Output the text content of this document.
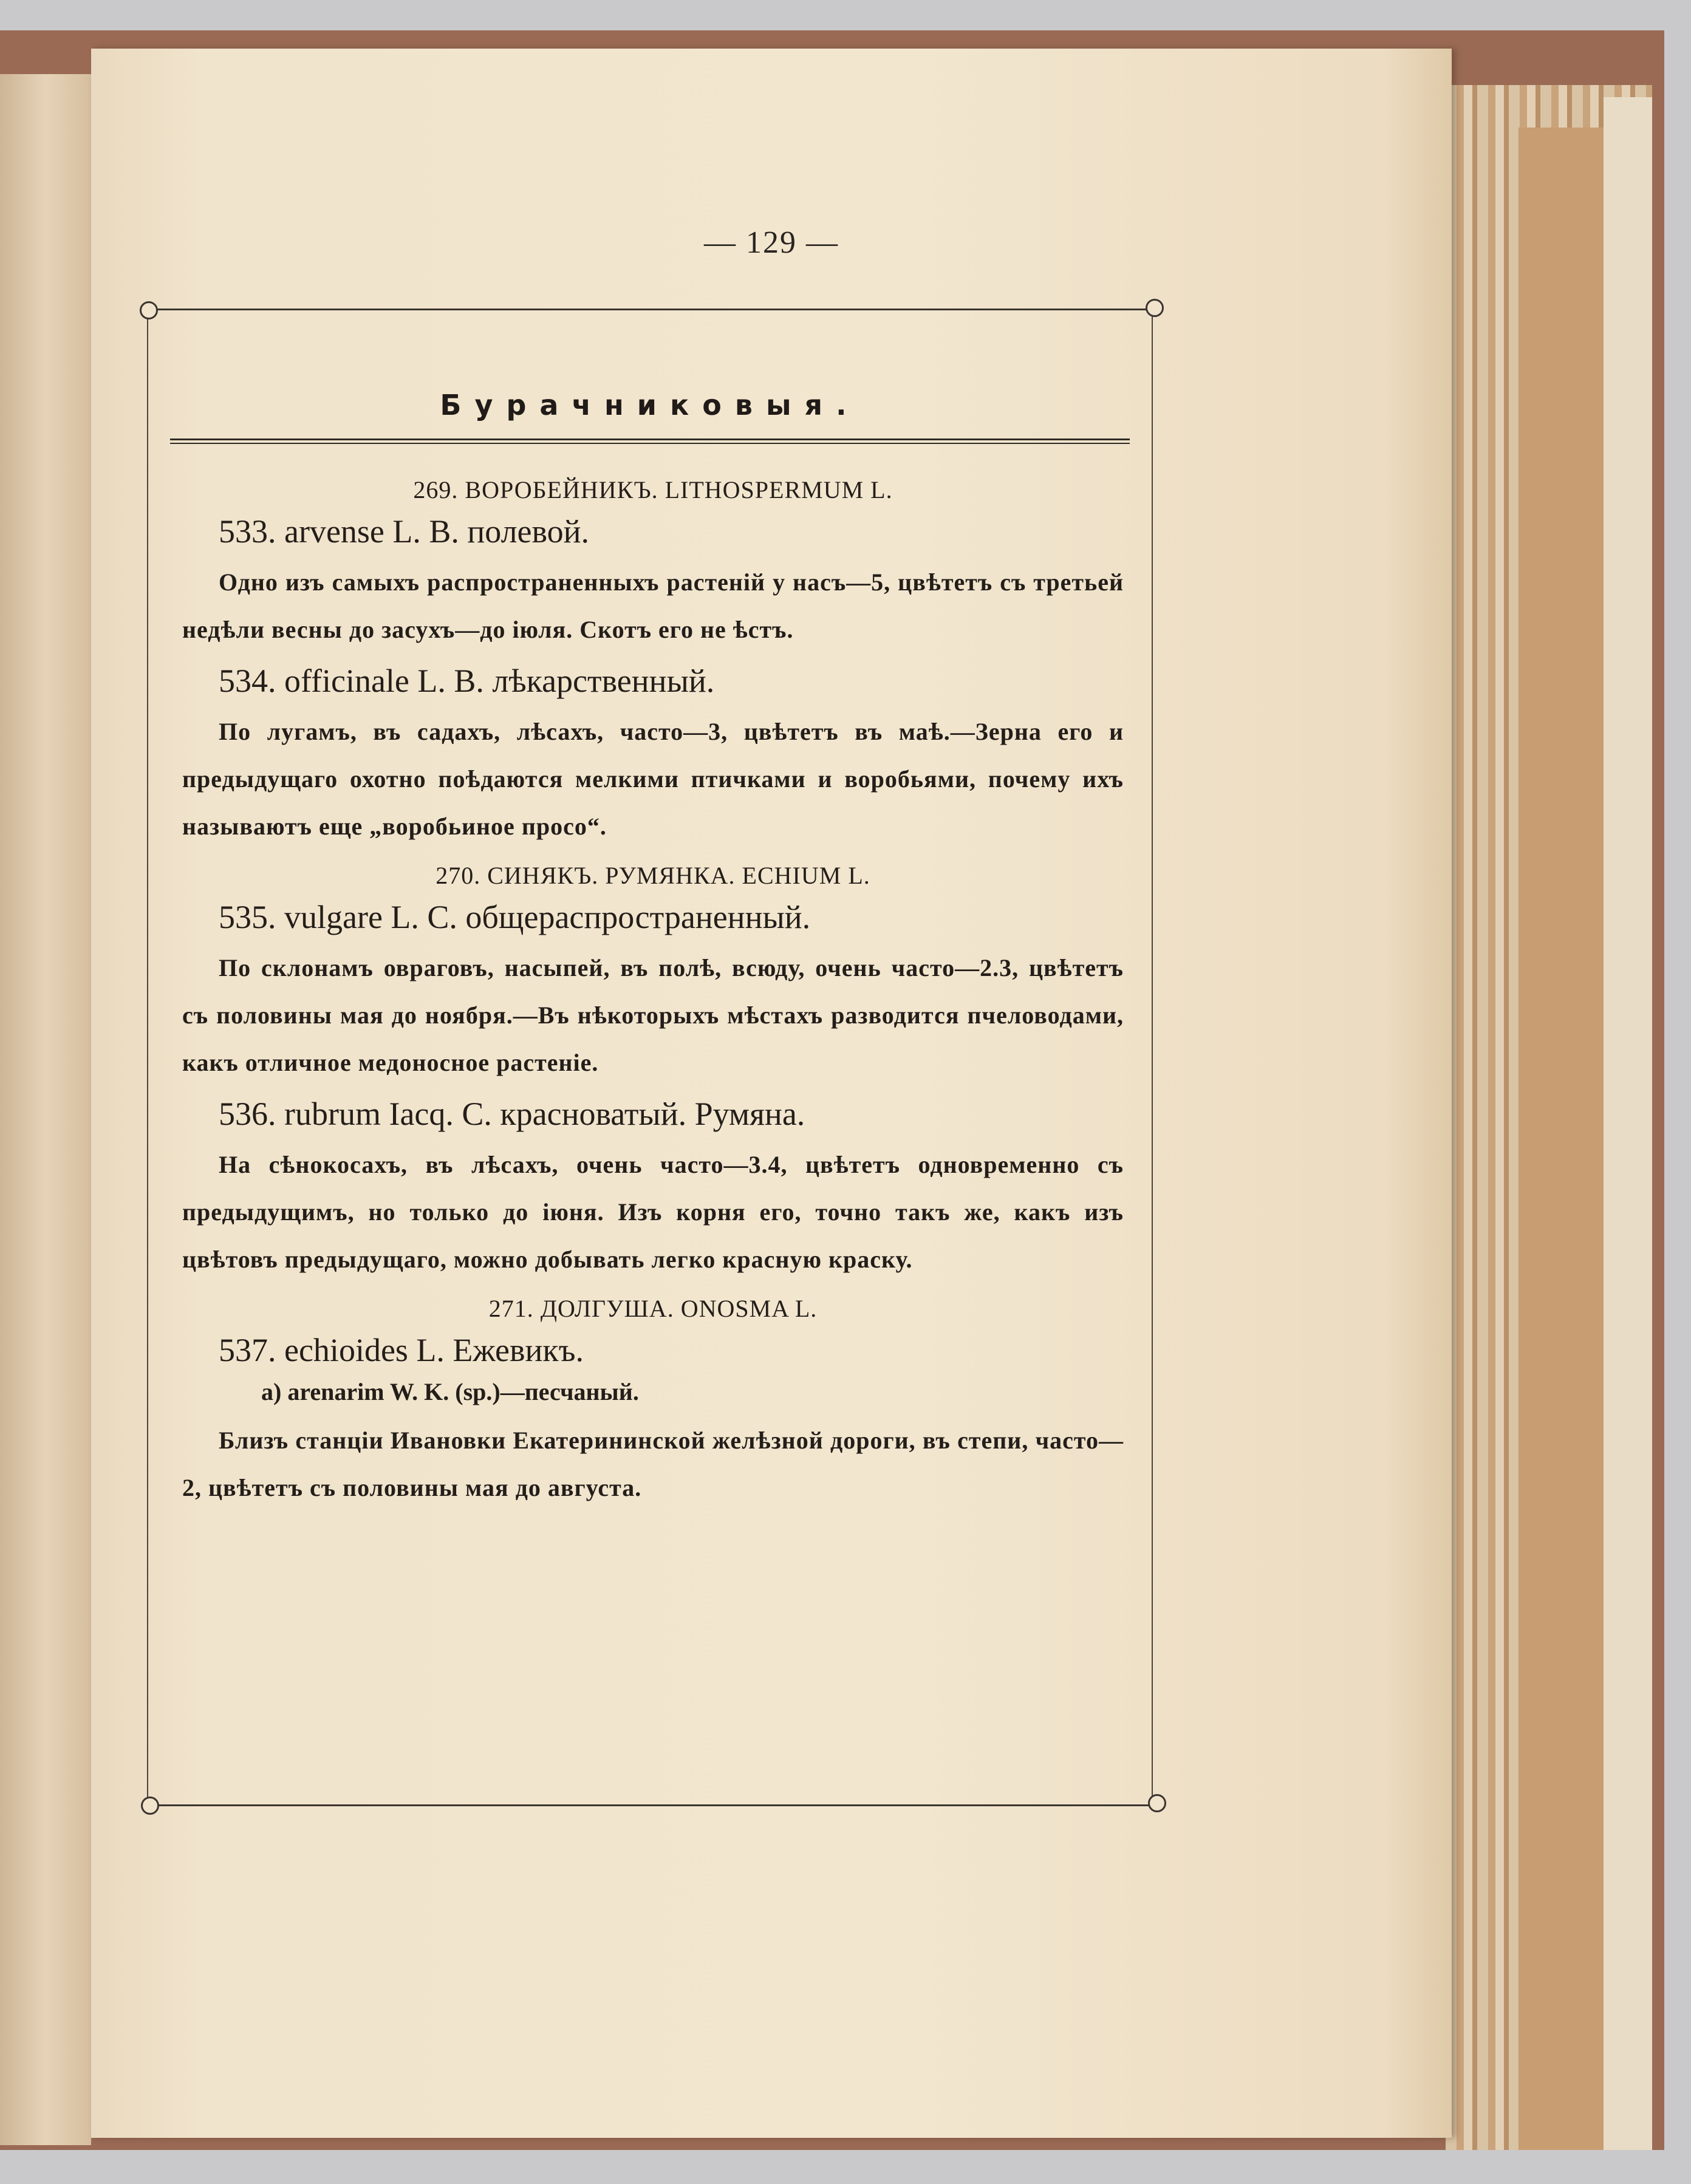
— 129 —
Бурачниковыя.
269. ВОРОБЕЙНИКЪ. LITHOSPERMUM L.
533. arvense L. В. полевой.
Одно изъ самыхъ распространенныхъ растеній у насъ—5, цвѣтетъ съ третьей недѣли весны до засухъ—до іюля. Скотъ его не ѣстъ.
534. officinale L. В. лѣкарственный.
По лугамъ, въ садахъ, лѣсахъ, часто—3, цвѣтетъ въ маѣ.—Зерна его и предыдущаго охотно поѣдаются мелкими птичками и воробьями, почему ихъ называютъ еще „воробьиное просо“.
270. СИНЯКЪ. РУМЯНКА. ECHIUM L.
535. vulgare L. С. общераспространенный.
По склонамъ овраговъ, насыпей, въ полѣ, всюду, очень часто—2.3, цвѣтетъ съ половины мая до ноября.—Въ нѣкоторыхъ мѣстахъ разводится пчеловодами, какъ отличное медоносное растеніе.
536. rubrum Iacq. С. красноватый. Румяна.
На сѣнокосахъ, въ лѣсахъ, очень часто—3.4, цвѣтетъ одновременно съ предыдущимъ, но только до іюня. Изъ корня его, точно такъ же, какъ изъ цвѣтовъ предыдущаго, можно добывать легко красную краску.
271. ДОЛГУША. ONOSMA L.
537. echioides L. Ежевикъ.
a) arenarim W. K. (sp.)—песчаный.
Близъ станціи Ивановки Екатерининской желѣзной дороги, въ степи, часто—2, цвѣтетъ съ половины мая до августа.
